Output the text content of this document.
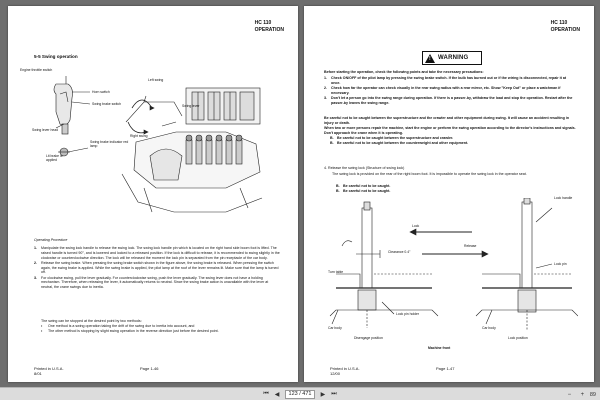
HC 110
OPERATION
5-5 Swing operation
Engine throttle switch
Horn switch
Swing brake switch
Swing lever head
Swing brake indicator red lamp
Lit brake is applied
Left swing
Right swing
Swing lever
Operating Procedure
1.	Manipulate the swing lock handle to release the swing lock. The swing lock handle pin which is located on the right hand side boom foot is lifted. The raised handle is turned 90°, and is lowered and locked to a released position. If the lock is difficult to release, it is recommended to swing slightly in the clockwise or counterclockwise direction. The lock will be released the moment the lock pin is separated from the pin receptacle of the car body.
2.	Release the swing brake. When pressing the swing brake switch shown in the figure above, the swing brake is released. When pressing the switch again, the swing brake is applied. While the swing brake is applied, the pilot lamp at the roof of the lever remains lit. Make sure that the lamp is turned off.
3.	For clockwise swing, pull the lever gradually. For counterclockwise swing, push the lever gradually. The swing lever does not have a holding mechanism. Therefore, when releasing the lever, it automatically returns to neutral. Since the swing brake action is unavailable with the lever at neutral, the crane swings due to inertia.
The swing can be stopped at the desired point by two methods:
•	One method is a swing operation taking the drift of the swing due to inertia into account, and
•	The other method is stopping by slight swing operation in the reverse direction just before the desired point.
Printed in U.S.A.
8/01
Page 1-46
HC 110
OPERATION
! WARNING
Before starting the operation, check the following points and take the necessary precautions:
1.	Check ON/OFF of the pilot lamp by pressing the swing brake switch. If the bulb has burned out or if the wiring is disconnected, repair it at once.
2.	Check how far the operator can check visually in the rear swing radius with a rear mirror, etc. Show "Keep Out" or place a watchman if necessary.
3.	Don't let a person go into the swing range during operation. If there is a passer-by, withdraw the load and stop the operation. Restart after the passer-by leaves the swing range.
Be careful not to be caught between the superstructure and the crawler and other equipment during swing. It will cause an accident resulting in injury or death.
When two or more persons repair the machine, start the engine or perform the swing operation according to the director's instructions and signals. Don't approach the crane when it is operating.
B. Be careful not to be caught between the superstructure and crawler.
B. Be careful not to be caught between the counterweight and other equipment.
4. Release the swing lock (Structure of swing lock)
The swing lock is provided on the rear of the right boom foot. It is impossible to operate the swing lock in the operator seat.
B. Be careful not to be caught.
B. Be careful not to be caught.
Lock
Release
Clearance 0.4"
Turn table
Lock handle
Lock pin
Lock pin holder
Car body	Car body
Disengage position	Lock position
Machine front
Printed in U.S.A.
12/00
Page 1-47
⏮ ◀	123 / 471	▶ ⏭	−	+	89
